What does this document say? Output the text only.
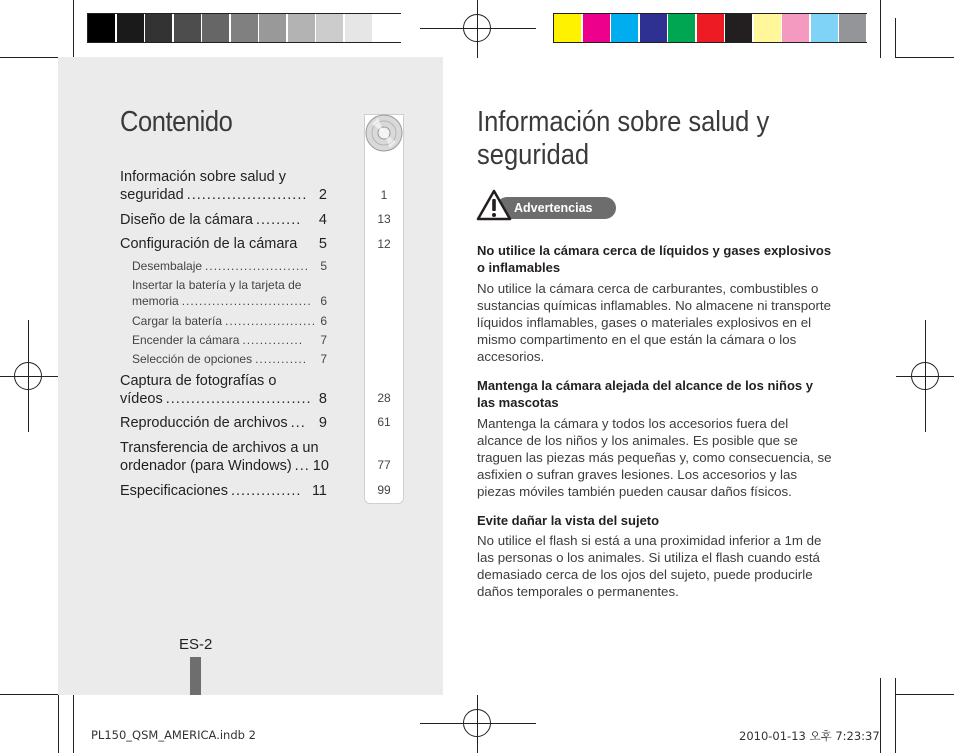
Contenido
Información sobre salud y
seguridad ........................ 2
Diseño de la cámara .........	4
Configuración de la cámara 5
Desembalaje ........................ 5
Insertar la batería y la tarjeta de
memoria .............................. 6
Cargar la batería ..................... 6
Encender la cámara ..............	7
Selección de opciones ............	7
Captura de fotografías o
vídeos ............................. 8
Reproducción de archivos ... 9
Transferencia de archivos a un
ordenador (para Windows) ... 10
Especificaciones .............. 11
1
13
12
28
61
77
99
ES-2
Información sobre salud y seguridad
Advertencias
No utilice la cámara cerca de líquidos y gases explosivos o inflamables
No utilice la cámara cerca de carburantes, combustibles o sustancias químicas inflamables. No almacene ni transporte líquidos inflamables, gases o materiales explosivos en el mismo compartimento en el que están la cámara o los accesorios.
Mantenga la cámara alejada del alcance de los niños y las mascotas
Mantenga la cámara y todos los accesorios fuera del alcance de los niños y los animales. Es posible que se traguen las piezas más pequeñas y, como consecuencia, se asfixien o sufran graves lesiones. Los accesorios y las piezas móviles también pueden causar daños físicos.
Evite dañar la vista del sujeto
No utilice el flash si está a una proximidad inferior a 1m de las personas o los animales. Si utiliza el flash cuando está demasiado cerca de los ojos del sujeto, puede producirle daños temporales o permanentes.
PL150_QSM_AMERICA.indb 2	2010-01-13 오후 7:23:37
